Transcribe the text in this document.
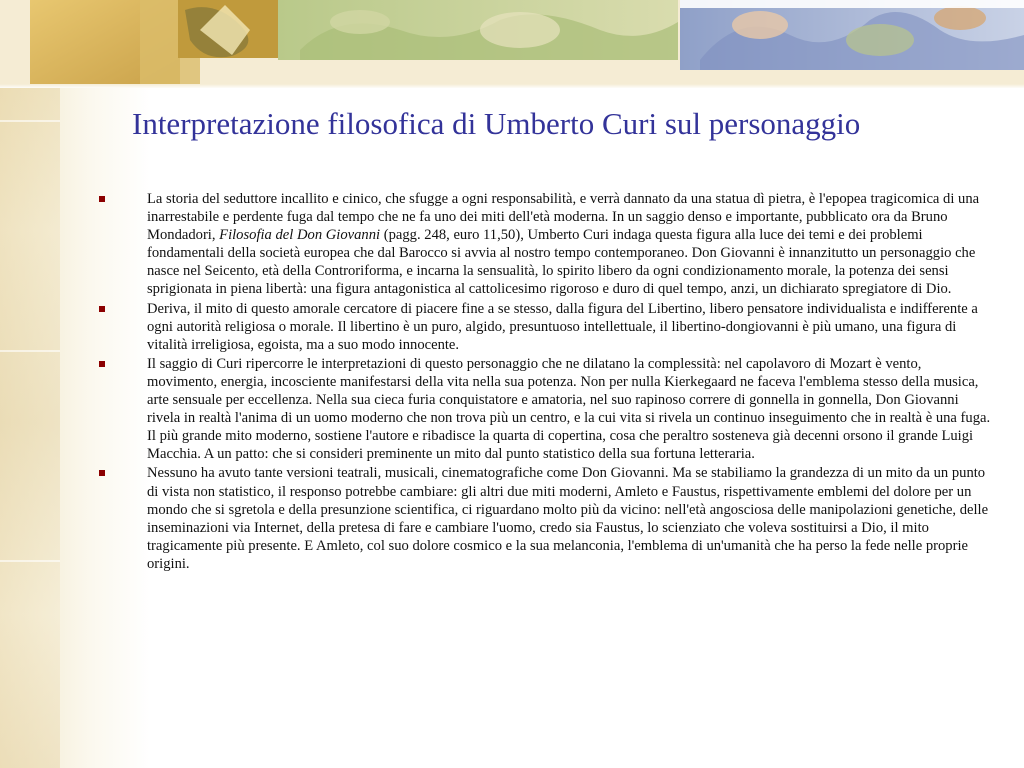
Interpretazione filosofica di Umberto Curi sul personaggio
La storia del seduttore incallito e cinico, che sfugge a ogni responsabilità, e verrà dannato da una statua dì pietra, è l'epopea tragicomica di una inarrestabile e perdente fuga dal tempo che ne fa uno dei miti dell'età moderna. In un saggio denso e importante, pubblicato ora da Bruno Mondadori, Filosofia del Don Giovanni (pagg. 248, euro 11,50), Umberto Curi indaga questa figura alla luce dei temi e dei problemi fondamentali della società europea che dal Barocco si avvia al nostro tempo contemporaneo. Don Giovanni è innanzitutto un personaggio che nasce nel Seicento, età della Controriforma, e incarna la sensualità, lo spirito libero da ogni condizionamento morale, la potenza dei sensi sprigionata in piena libertà: una figura antagonistica al cattolicesimo rigoroso e duro di quel tempo, anzi, un dichiarato spregiatore di Dio.
Deriva, il mito di questo amorale cercatore di piacere fine a se stesso, dalla figura del Libertino, libero pensatore individualista e indifferente a ogni autorità religiosa o morale. Il libertino è un puro, algido, presuntuoso intellettuale, il libertino-dongiovanni è più umano, una figura di vitalità irreligiosa, egoista, ma a suo modo innocente.
Il saggio di Curi ripercorre le interpretazioni di questo personaggio che ne dilatano la complessità: nel capolavoro di Mozart è vento, movimento, energia, incosciente manifestarsi della vita nella sua potenza. Non per nulla Kierkegaard ne faceva l'emblema stesso della musica, arte sensuale per eccellenza. Nella sua cieca furia conquistatore e amatoria, nel suo rapinoso correre di gonnella in gonnella, Don Giovanni rivela in realtà l'anima di un uomo moderno che non trova più un centro, e la cui vita si rivela un continuo inseguimento che in realtà è una fuga. Il più grande mito moderno, sostiene l'autore e ribadisce la quarta di copertina, cosa che peraltro sosteneva già decenni orsono il grande Luigi Macchia. A un patto: che si consideri preminente un mito dal punto statistico della sua fortuna letteraria.
Nessuno ha avuto tante versioni teatrali, musicali, cinematografiche come Don Giovanni. Ma se stabiliamo la grandezza di un mito da un punto di vista non statistico, il responso potrebbe cambiare: gli altri due miti moderni, Amleto e Faustus, rispettivamente emblemi del dolore per un mondo che si sgretola e della presunzione scientifica, ci riguardano molto più da vicino: nell'età angosciosa delle manipolazioni genetiche, delle inseminazioni via Internet, della pretesa di fare e cambiare l'uomo, credo sia Faustus, lo scienziato che voleva sostituirsi a Dio, il mito tragicamente più presente. E Amleto, col suo dolore cosmico e la sua melanconia, l'emblema di un'umanità che ha perso la fede nelle proprie origini.
